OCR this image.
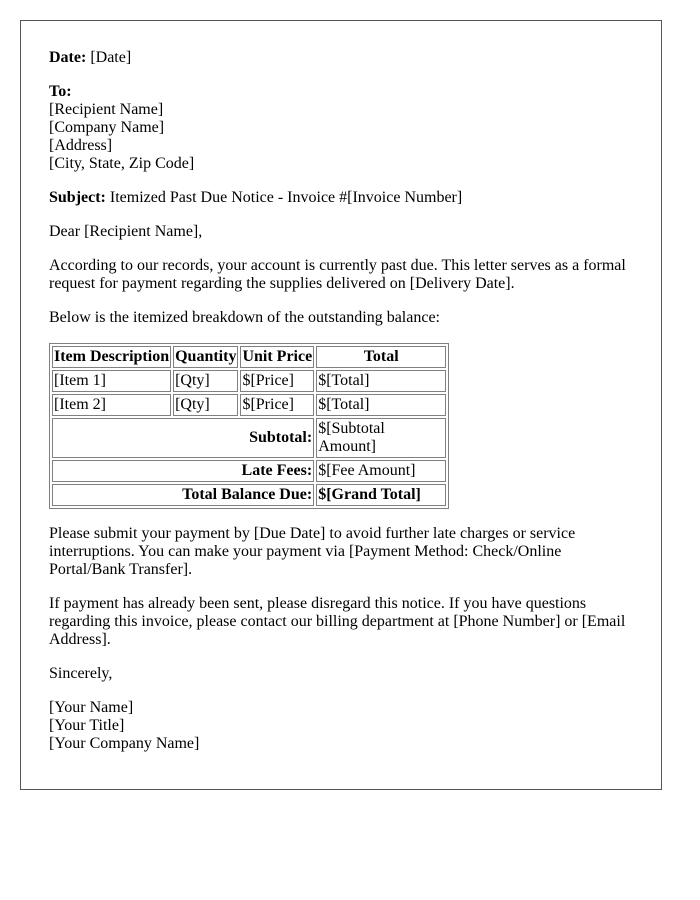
Date: [Date]

To:
[Recipient Name]
[Company Name]
[Address]
[City, State, Zip Code]

Subject: Itemized Past Due Notice - Invoice #[Invoice Number]

Dear [Recipient Name],

According to our records, your account is currently past due. This letter serves as a formal request for payment regarding the supplies delivered on [Delivery Date].

Below is the itemized breakdown of the outstanding balance:

Item Description	Quantity	Unit Price	Total
[Item 1]	[Qty]	$[Price]	$[Total]
[Item 2]	[Qty]	$[Price]	$[Total]
Subtotal:			$[Subtotal Amount]
Late Fees:			$[Fee Amount]
Total Balance Due:			$[Grand Total]

Please submit your payment by [Due Date] to avoid further late charges or service interruptions. You can make your payment via [Payment Method: Check/Online Portal/Bank Transfer].

If payment has already been sent, please disregard this notice. If you have questions regarding this invoice, please contact our billing department at [Phone Number] or [Email Address].

Sincerely,

[Your Name]
[Your Title]
[Your Company Name]
